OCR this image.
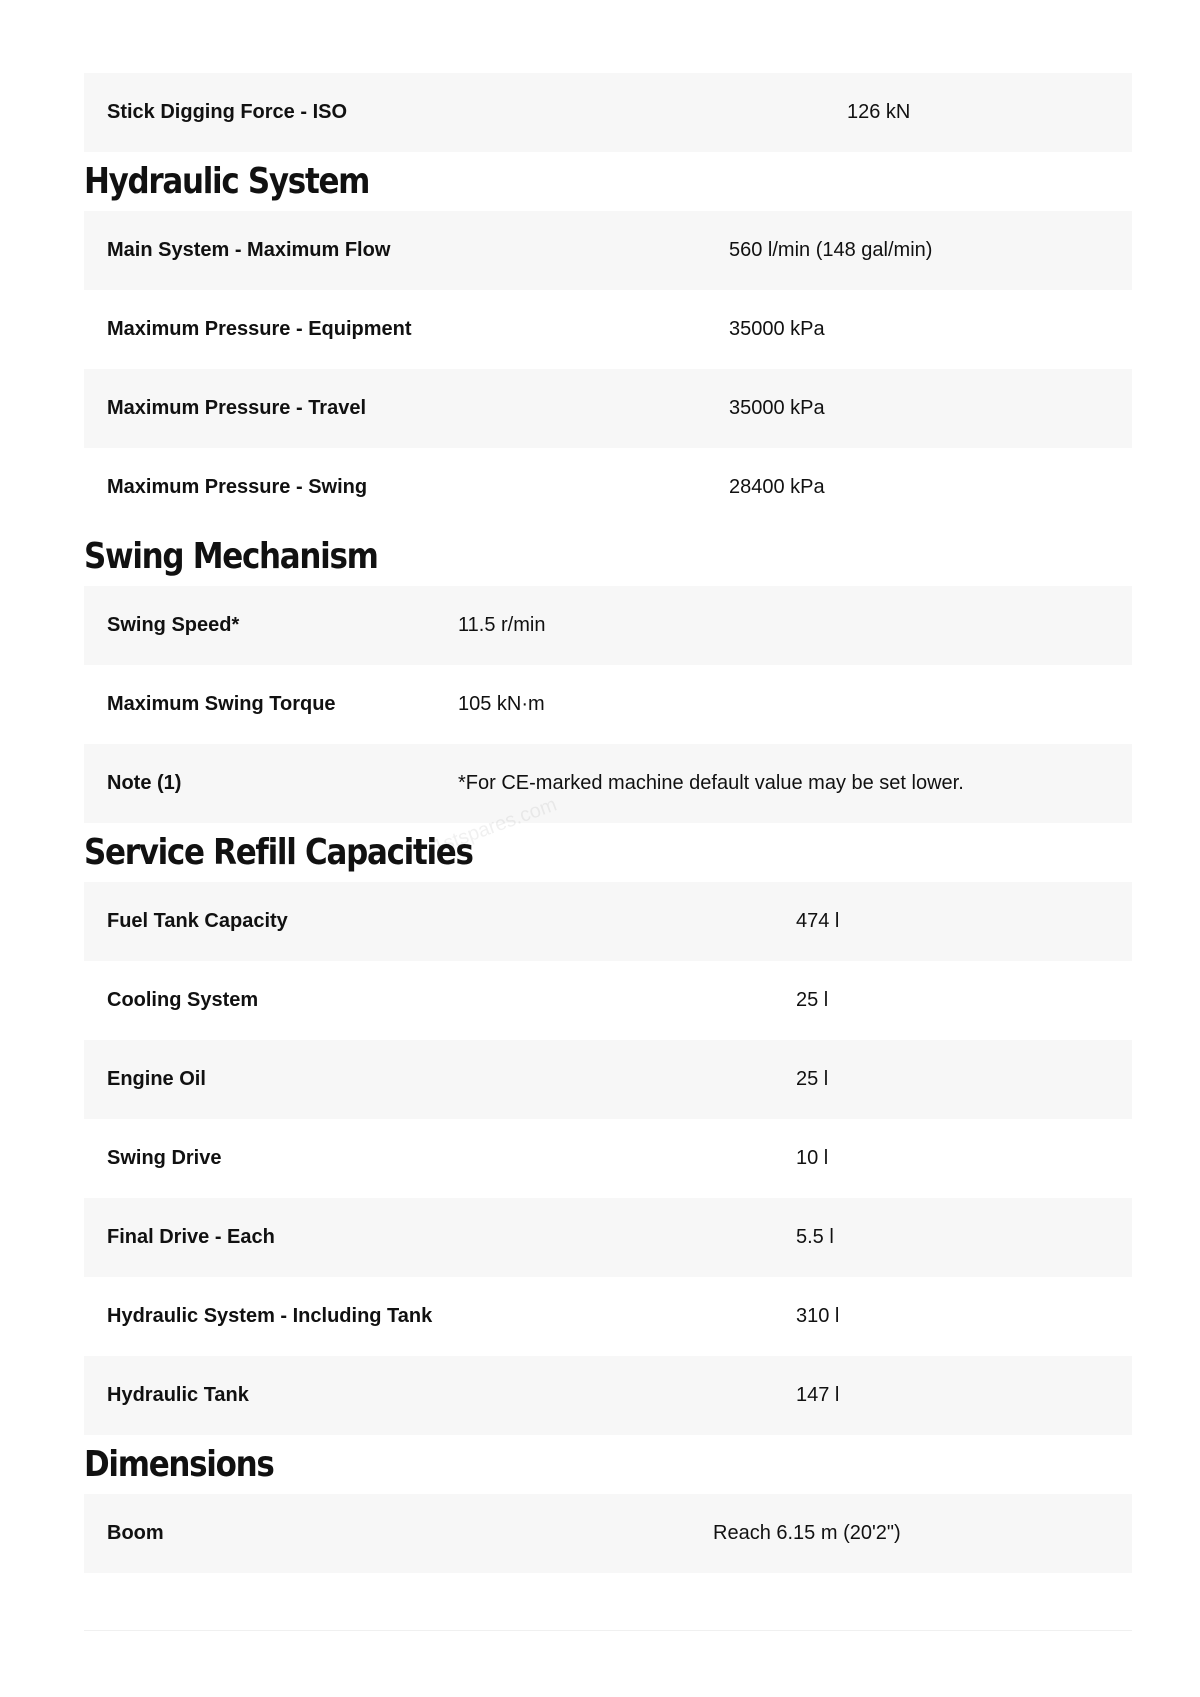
Stick Digging Force - ISO	126 kN
Hydraulic System
Main System - Maximum Flow	560 l/min (148 gal/min)
Maximum Pressure - Equipment	35000 kPa
Maximum Pressure - Travel	35000 kPa
Maximum Pressure - Swing	28400 kPa
Swing Mechanism
Swing Speed*	11.5 r/min
Maximum Swing Torque	105 kN·m
Note (1)	*For CE-marked machine default value may be set lower.
Service Refill Capacities
Fuel Tank Capacity	474 l
Cooling System	25 l
Engine Oil	25 l
Swing Drive	10 l
Final Drive - Each	5.5 l
Hydraulic System - Including Tank	310 l
Hydraulic Tank	147 l
Dimensions
Boom	Reach 6.15 m (20'2")
1stspares.com
